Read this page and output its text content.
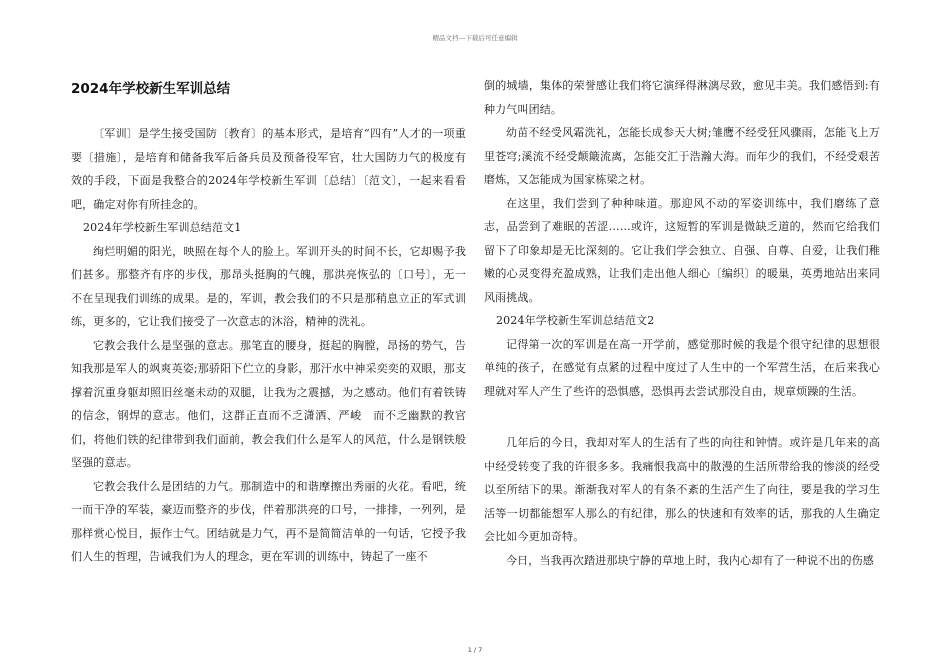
精品文档---下载后可任意编辑
2024年学校新生军训总结

〔军训〕是学生接受国防〔教育〕的基本形式，是培育“四有”人才的一项重要〔措施〕，是培育和储备我军后备兵员及预备役军官，壮大国防力气的极度有效的手段，下面是我整合的2024年学校新生军训〔总结〕〔范文〕，一起来看看吧，确定对你有所挂念的。

2024年学校新生军训总结范文1

绚烂明媚的阳光，映照在每个人的脸上。军训开头的时间不长，它却赐予我们甚多。那整齐有序的步伐，那昂头挺胸的气魄，那洪亮恢弘的〔口号〕，无一不在呈现我们训练的成果。是的，军训，教会我们的不只是那稍息立正的军式训练，更多的，它让我们接受了一次意志的沐浴，精神的洗礼。

它教会我什么是坚强的意志。那笔直的腰身，挺起的胸膛，昂扬的势气，告知我那是军人的飒爽英姿;那骄阳下伫立的身影，那汗水中神采奕奕的双眼，那支撑着沉重身躯却照旧丝毫未动的双腿，让我为之震撼，为之感动。他们有着铁铸的信念，钢焊的意志。他们，这群正直而不乏潇洒、严峻　而不乏幽默的教官们，将他们铁的纪律带到我们面前，教会我们什么是军人的风范，什么是钢铁般坚强的意志。

它教会我什么是团结的力气。那制造中的和谐摩擦出秀丽的火花。看吧，统一而干净的军装，豪迈而整齐的步伐，伴着那洪亮的口号，一排排，一列列，是那样赏心悦目，振作士气。团结就是力气，再不是简简洁单的一句话，它授予我们人生的哲理，告诫我们为人的理念，更在军训的训练中，铸起了一座不

倒的城墙，集体的荣誉感让我们将它演绎得淋漓尽致，愈见丰美。我们感悟到:有种力气叫团结。

幼苗不经受风霜洗礼，怎能长成参天大树;雏鹰不经受狂风骤雨，怎能飞上万里苍穹;溪流不经受颠簸流离，怎能交汇于浩瀚大海。而年少的我们，不经受艰苦磨炼，又怎能成为国家栋梁之材。

在这里，我们尝到了种种味道。那迎风不动的军姿训练中，我们磨练了意志，品尝到了难眠的苦涩……或许，这短暂的军训是微缺乏道的，然而它给我们留下了印象却是无比深刻的。它让我们学会独立、自强、自尊、自爱，让我们稚嫩的心灵变得充盈成熟，让我们走出他人细心〔编织〕的暖巢，英勇地站出来同风雨挑战。

2024年学校新生军训总结范文2

记得第一次的军训是在高一开学前，感觉那时候的我是个很守纪律的思想很单纯的孩子，在感觉有点紧的过程中度过了人生中的一个军营生活，在后来我心理就对军人产生了些许的恐惧感，恐惧再去尝试那没自由，规章烦躁的生活。

几年后的今日，我却对军人的生活有了些的向往和钟情。或许是几年来的高中经受转变了我的许很多多。我痛恨我高中的散漫的生活所带给我的惨淡的经受以至所结下的果。渐渐我对军人的有条不紊的生活产生了向往，要是我的学习生活等一切都能想军人那么的有纪律，那么的快速和有效率的话，那我的人生确定会比如今更加奇特。

今日，当我再次踏进那块宁静的草地上时，我内心却有了一种说不出的伤感

1 / 7
